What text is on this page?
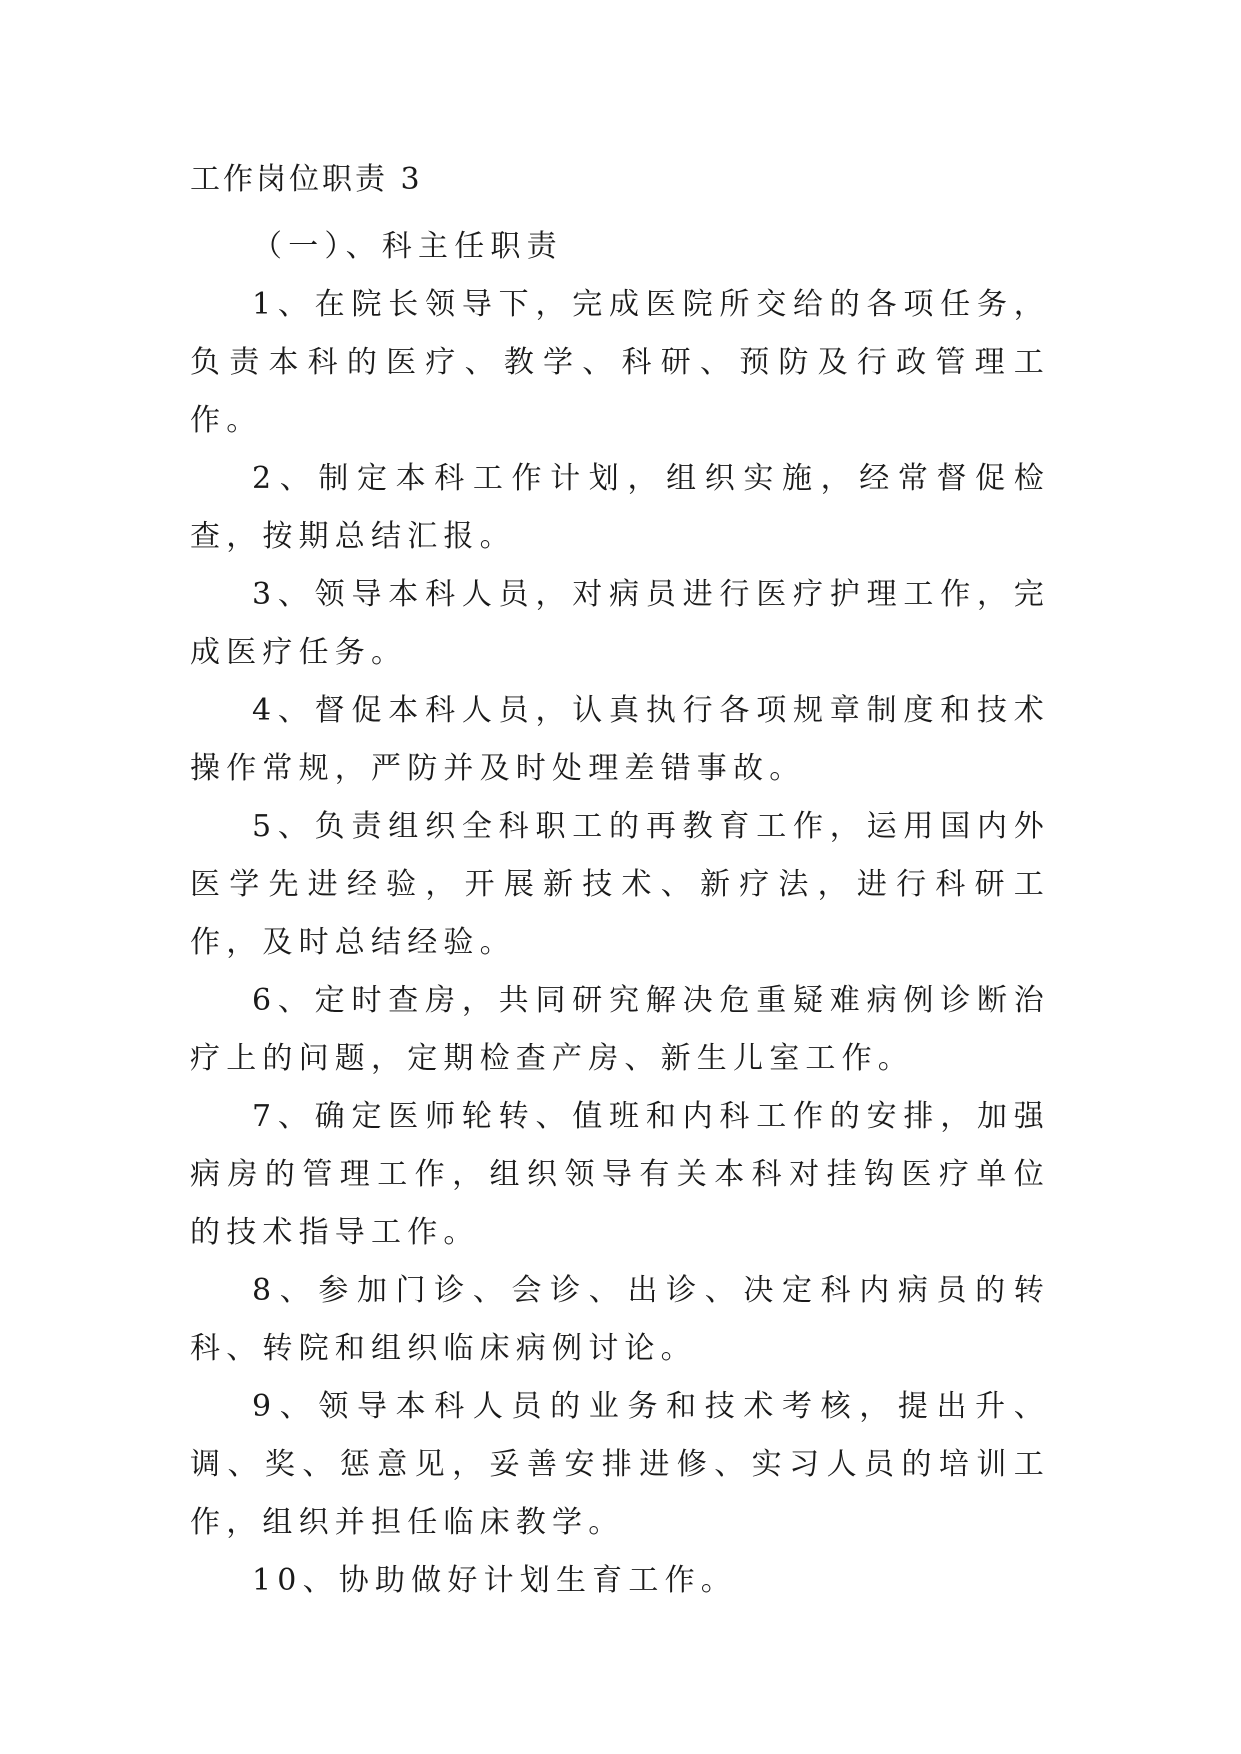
工作岗位职责 3

（一）、科主任职责

1、在院长领导下，完成医院所交给的各项任务，负责本科的医疗、教学、科研、预防及行政管理工作。

2、制定本科工作计划，组织实施，经常督促检查，按期总结汇报。

3、领导本科人员，对病员进行医疗护理工作，完成医疗任务。

4、督促本科人员，认真执行各项规章制度和技术操作常规，严防并及时处理差错事故。

5、负责组织全科职工的再教育工作，运用国内外医学先进经验，开展新技术、新疗法，进行科研工作，及时总结经验。

6、定时查房，共同研究解决危重疑难病例诊断治疗上的问题，定期检查产房、新生儿室工作。

7、确定医师轮转、值班和内科工作的安排，加强病房的管理工作，组织领导有关本科对挂钩医疗单位的技术指导工作。

8、参加门诊、会诊、出诊、决定科内病员的转科、转院和组织临床病例讨论。

9、领导本科人员的业务和技术考核，提出升、调、奖、惩意见，妥善安排进修、实习人员的培训工作，组织并担任临床教学。

10、协助做好计划生育工作。
